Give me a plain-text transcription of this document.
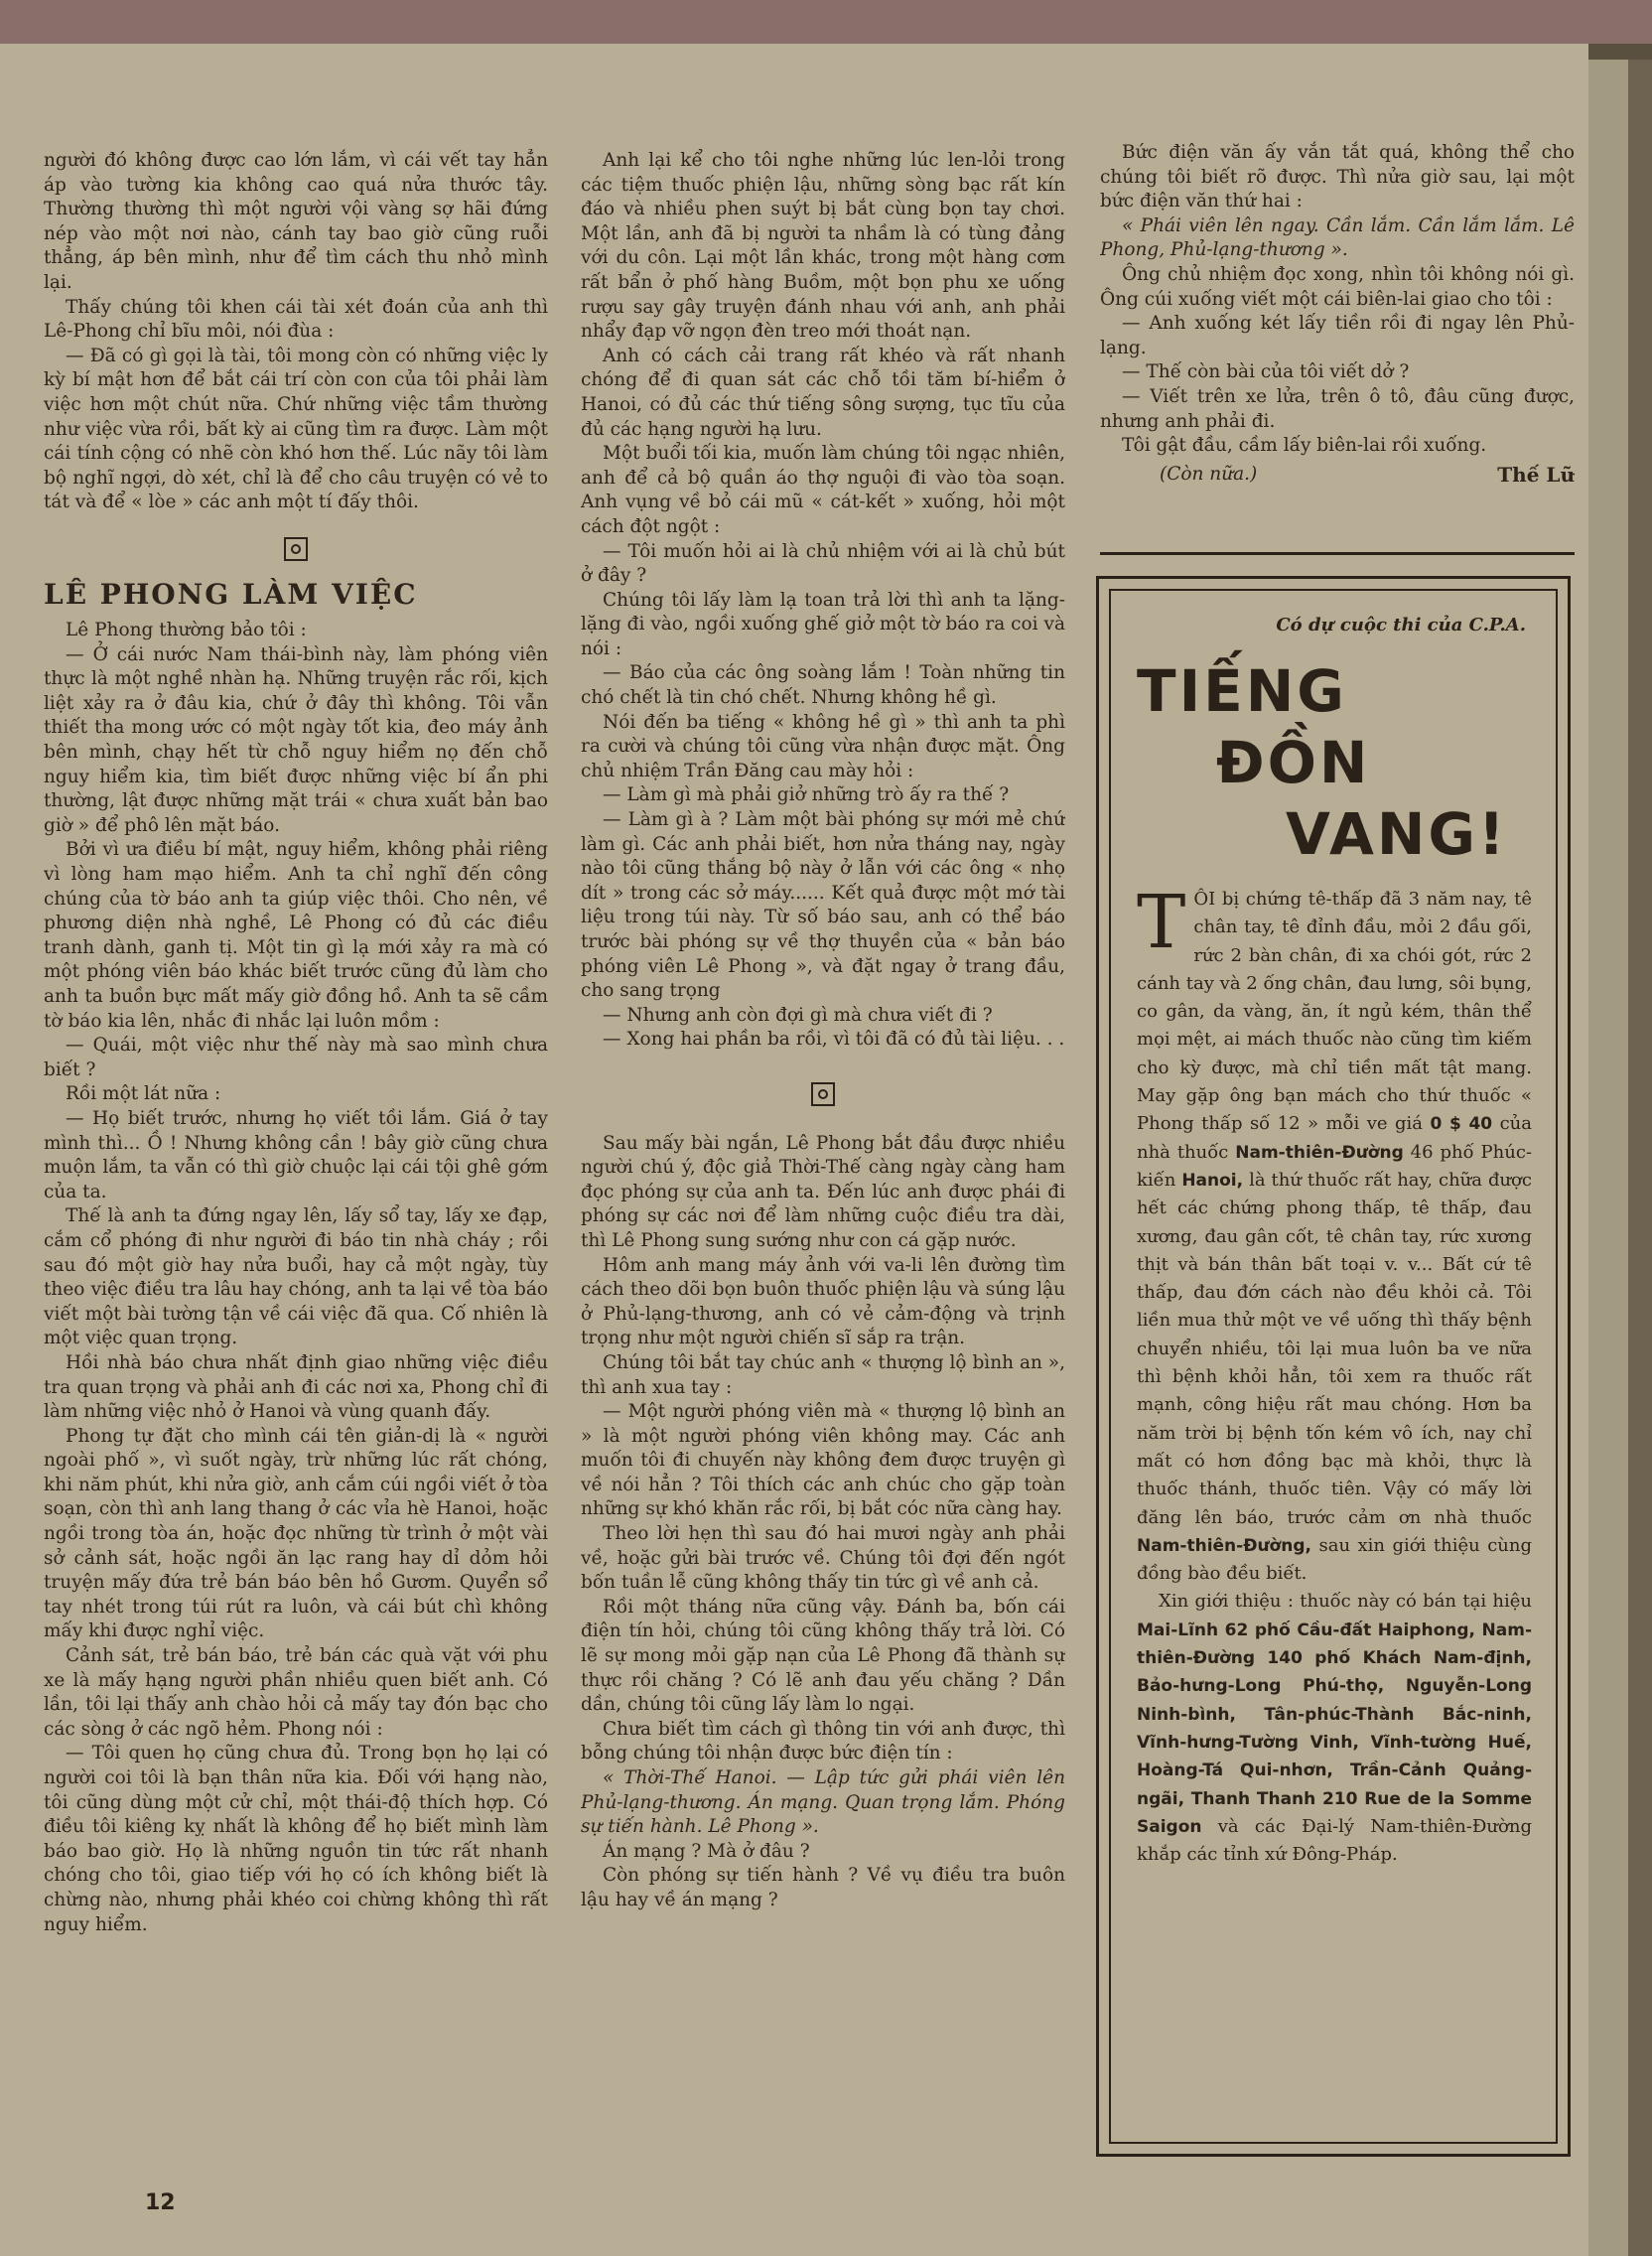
người đó không được cao lớn lắm, vì cái vết tay hẳn áp vào tường kia không cao quá nửa thước tây. Thường thường thì một người vội vàng sợ hãi đứng nép vào một nơi nào, cánh tay bao giờ cũng ruỗi thẳng, áp bên mình, như để tìm cách thu nhỏ mình lại.

Thấy chúng tôi khen cái tài xét đoán của anh thì Lê-Phong chỉ bĩu môi, nói đùa :

— Đã có gì gọi là tài, tôi mong còn có những việc ly kỳ bí mật hơn để bắt cái trí còn con của tôi phải làm việc hơn một chút nữa. Chứ những việc tầm thường như việc vừa rồi, bất kỳ ai cũng tìm ra được. Làm một cái tính cộng có nhẽ còn khó hơn thế. Lúc nãy tôi làm bộ nghĩ ngợi, dò xét, chỉ là để cho câu truyện có vẻ to tát và để « lòe » các anh một tí đấy thôi.

LÊ PHONG LÀM VIỆC

Lê Phong thường bảo tôi :

— Ở cái nước Nam thái-bình này, làm phóng viên thực là một nghề nhàn hạ. Những truyện rắc rối, kịch liệt xảy ra ở đâu kia, chứ ở đây thì không. Tôi vẫn thiết tha mong ước có một ngày tốt kia, đeo máy ảnh bên mình, chạy hết từ chỗ nguy hiểm nọ đến chỗ nguy hiểm kia, tìm biết được những việc bí ẩn phi thường, lật được những mặt trái « chưa xuất bản bao giờ » để phô lên mặt báo.

Bởi vì ưa điều bí mật, nguy hiểm, không phải riêng vì lòng ham mạo hiểm. Anh ta chỉ nghĩ đến công chúng của tờ báo anh ta giúp việc thôi. Cho nên, về phương diện nhà nghề, Lê Phong có đủ các điều tranh dành, ganh tị. Một tin gì lạ mới xảy ra mà có một phóng viên báo khác biết trước cũng đủ làm cho anh ta buồn bực mất mấy giờ đồng hồ. Anh ta sẽ cầm tờ báo kia lên, nhắc đi nhắc lại luôn mồm :

— Quái, một việc như thế này mà sao mình chưa biết ?

Rồi một lát nữa :

— Họ biết trước, nhưng họ viết tồi lắm. Giá ở tay mình thì... Ồ ! Nhưng không cần ! bây giờ cũng chưa muộn lắm, ta vẫn có thì giờ chuộc lại cái tội ghê gớm của ta.

Thế là anh ta đứng ngay lên, lấy sổ tay, lấy xe đạp, cắm cổ phóng đi như người đi báo tin nhà cháy ; rồi sau đó một giờ hay nửa buổi, hay cả một ngày, tùy theo việc điều tra lâu hay chóng, anh ta lại về tòa báo viết một bài tường tận về cái việc đã qua. Cố nhiên là một việc quan trọng.

Hồi nhà báo chưa nhất định giao những việc điều tra quan trọng và phải anh đi các nơi xa, Phong chỉ đi làm những việc nhỏ ở Hanoi và vùng quanh đấy.

Phong tự đặt cho mình cái tên giản-dị là « người ngoài phố », vì suốt ngày, trừ những lúc rất chóng, khi năm phút, khi nửa giờ, anh cắm cúi ngồi viết ở tòa soạn, còn thì anh lang thang ở các vỉa hè Hanoi, hoặc ngồi trong tòa án, hoặc đọc những từ trình ở một vài sở cảnh sát, hoặc ngồi ăn lạc rang hay dỉ dỏm hỏi truyện mấy đứa trẻ bán báo bên hồ Gươm. Quyển sổ tay nhét trong túi rút ra luôn, và cái bút chì không mấy khi được nghỉ việc.

Cảnh sát, trẻ bán báo, trẻ bán các quà vặt với phu xe là mấy hạng người phần nhiều quen biết anh. Có lần, tôi lại thấy anh chào hỏi cả mấy tay đón bạc cho các sòng ở các ngõ hẻm. Phong nói :

— Tôi quen họ cũng chưa đủ. Trong bọn họ lại có người coi tôi là bạn thân nữa kia. Đối với hạng nào, tôi cũng dùng một cử chỉ, một thái-độ thích hợp. Có điều tôi kiêng kỵ nhất là không để họ biết mình làm báo bao giờ. Họ là những nguồn tin tức rất nhanh chóng cho tôi, giao tiếp với họ có ích không biết là chừng nào, nhưng phải khéo coi chừng không thì rất nguy hiểm.

Anh lại kể cho tôi nghe những lúc len-lỏi trong các tiệm thuốc phiện lậu, những sòng bạc rất kín đáo và nhiều phen suýt bị bắt cùng bọn tay chơi. Một lần, anh đã bị người ta nhầm là có tùng đảng với du côn. Lại một lần khác, trong một hàng cơm rất bẩn ở phố hàng Buồm, một bọn phu xe uống rượu say gây truyện đánh nhau với anh, anh phải nhẩy đạp vỡ ngọn đèn treo mới thoát nạn.

Anh có cách cải trang rất khéo và rất nhanh chóng để đi quan sát các chỗ tồi tăm bí-hiểm ở Hanoi, có đủ các thứ tiếng sông sượng, tục tĩu của đủ các hạng người hạ lưu.

Một buổi tối kia, muốn làm chúng tôi ngạc nhiên, anh để cả bộ quần áo thợ nguội đi vào tòa soạn. Anh vụng về bỏ cái mũ « cát-kết » xuống, hỏi một cách đột ngột :

— Tôi muốn hỏi ai là chủ nhiệm với ai là chủ bút ở đây ?

Chúng tôi lấy làm lạ toan trả lời thì anh ta lặng-lặng đi vào, ngồi xuống ghế giở một tờ báo ra coi và nói :

— Báo của các ông soàng lắm ! Toàn những tin chó chết là tin chó chết. Nhưng không hề gì.

Nói đến ba tiếng « không hề gì » thì anh ta phì ra cười và chúng tôi cũng vừa nhận được mặt. Ông chủ nhiệm Trần Đăng cau mày hỏi :

— Làm gì mà phải giở những trò ấy ra thế ?

— Làm gì à ? Làm một bài phóng sự mới mẻ chứ làm gì. Các anh phải biết, hơn nửa tháng nay, ngày nào tôi cũng thắng bộ này ở lẫn với các ông « nhọ dít » trong các sở máy...... Kết quả được một mớ tài liệu trong túi này. Từ số báo sau, anh có thể báo trước bài phóng sự về thợ thuyền của « bản báo phóng viên Lê Phong », và đặt ngay ở trang đầu, cho sang trọng

— Nhưng anh còn đợi gì mà chưa viết đi ?

— Xong hai phần ba rồi, vì tôi đã có đủ tài liệu. . .

Sau mấy bài ngắn, Lê Phong bắt đầu được nhiều người chú ý, độc giả Thời-Thế càng ngày càng ham đọc phóng sự của anh ta. Đến lúc anh được phái đi phóng sự các nơi để làm những cuộc điều tra dài, thì Lê Phong sung sướng như con cá gặp nước.

Hôm anh mang máy ảnh với va-li lên đường tìm cách theo dõi bọn buôn thuốc phiện lậu và súng lậu ở Phủ-lạng-thương, anh có vẻ cảm-động và trịnh trọng như một người chiến sĩ sắp ra trận.

Chúng tôi bắt tay chúc anh « thượng lộ bình an », thì anh xua tay :

— Một người phóng viên mà « thượng lộ bình an » là một người phóng viên không may. Các anh muốn tôi đi chuyến này không đem được truyện gì về nói hẳn ? Tôi thích các anh chúc cho gặp toàn những sự khó khăn rắc rối, bị bắt cóc nữa càng hay.

Theo lời hẹn thì sau đó hai mươi ngày anh phải về, hoặc gửi bài trước về. Chúng tôi đợi đến ngót bốn tuần lễ cũng không thấy tin tức gì về anh cả.

Rồi một tháng nữa cũng vậy. Đánh ba, bốn cái điện tín hỏi, chúng tôi cũng không thấy trả lời. Có lẽ sự mong mỏi gặp nạn của Lê Phong đã thành sự thực rồi chăng ? Có lẽ anh đau yếu chăng ? Dần dần, chúng tôi cũng lấy làm lo ngại.

Chưa biết tìm cách gì thông tin với anh được, thì bỗng chúng tôi nhận được bức điện tín :

« Thời-Thế Hanoi. — Lập tức gửi phái viên lên Phủ-lạng-thương. Án mạng. Quan trọng lắm. Phóng sự tiến hành. Lê Phong ».

Án mạng ? Mà ở đâu ?

Còn phóng sự tiến hành ? Về vụ điều tra buôn lậu hay về án mạng ?

Bức điện văn ấy vắn tắt quá, không thể cho chúng tôi biết rõ được. Thì nửa giờ sau, lại một bức điện văn thứ hai :

« Phái viên lên ngay. Cần lắm. Cần lắm lắm. Lê Phong, Phủ-lạng-thương ».

Ông chủ nhiệm đọc xong, nhìn tôi không nói gì. Ông cúi xuống viết một cái biên-lai giao cho tôi :

— Anh xuống két lấy tiền rồi đi ngay lên Phủ-lạng.

— Thế còn bài của tôi viết dở ?

— Viết trên xe lửa, trên ô tô, đâu cũng được, nhưng anh phải đi.

Tôi gật đầu, cầm lấy biên-lai rồi xuống.

(Còn nữa.)	Thế Lữ
Có dự cuộc thi của C.P.A.
TIẾNG
ĐỒN
VANG!

TÔI bị chứng tê-thấp đã 3 năm nay, tê chân tay, tê đỉnh đầu, mỏi 2 đầu gối, rức 2 bàn chân, đi xa chói gót, rức 2 cánh tay và 2 ống chân, đau lưng, sôi bụng, co gân, da vàng, ăn, ít ngủ kém, thân thể mọi mệt, ai mách thuốc nào cũng tìm kiếm cho kỳ được, mà chỉ tiền mất tật mang. May gặp ông bạn mách cho thứ thuốc « Phong thấp số 12 » mỗi ve giá 0 $ 40 của nhà thuốc Nam-thiên-Đường 46 phố Phúc-kiến Hanoi, là thứ thuốc rất hay, chữa được hết các chứng phong thấp, tê thấp, đau xương, đau gân cốt, tê chân tay, rức xương thịt và bán thân bất toại v. v... Bất cứ tê thấp, đau đớn cách nào đều khỏi cả. Tôi liền mua thử một ve về uống thì thấy bệnh chuyển nhiều, tôi lại mua luôn ba ve nữa thì bệnh khỏi hẳn, tôi xem ra thuốc rất mạnh, công hiệu rất mau chóng. Hơn ba năm trời bị bệnh tốn kém vô ích, nay chỉ mất có hơn đồng bạc mà khỏi, thực là thuốc thánh, thuốc tiên. Vậy có mấy lời đăng lên báo, trước cảm ơn nhà thuốc Nam-thiên-Đường, sau xin giới thiệu cùng đồng bào đều biết.

Xin giới thiệu : thuốc này có bán tại hiệu Mai-Lĩnh 62 phố Cầu-đất Haiphong, Nam-thiên-Đường 140 phố Khách Nam-định, Bảo-hưng-Long Phú-thọ, Nguyễn-Long Ninh-bình, Tân-phúc-Thành Bắc-ninh, Vĩnh-hưng-Tường Vinh, Vĩnh-tường Huế, Hoàng-Tá Qui-nhơn, Trần-Cảnh Quảng-ngãi, Thanh Thanh 210 Rue de la Somme Saigon và các Đại-lý Nam-thiên-Đường khắp các tỉnh xứ Đông-Pháp.

12
